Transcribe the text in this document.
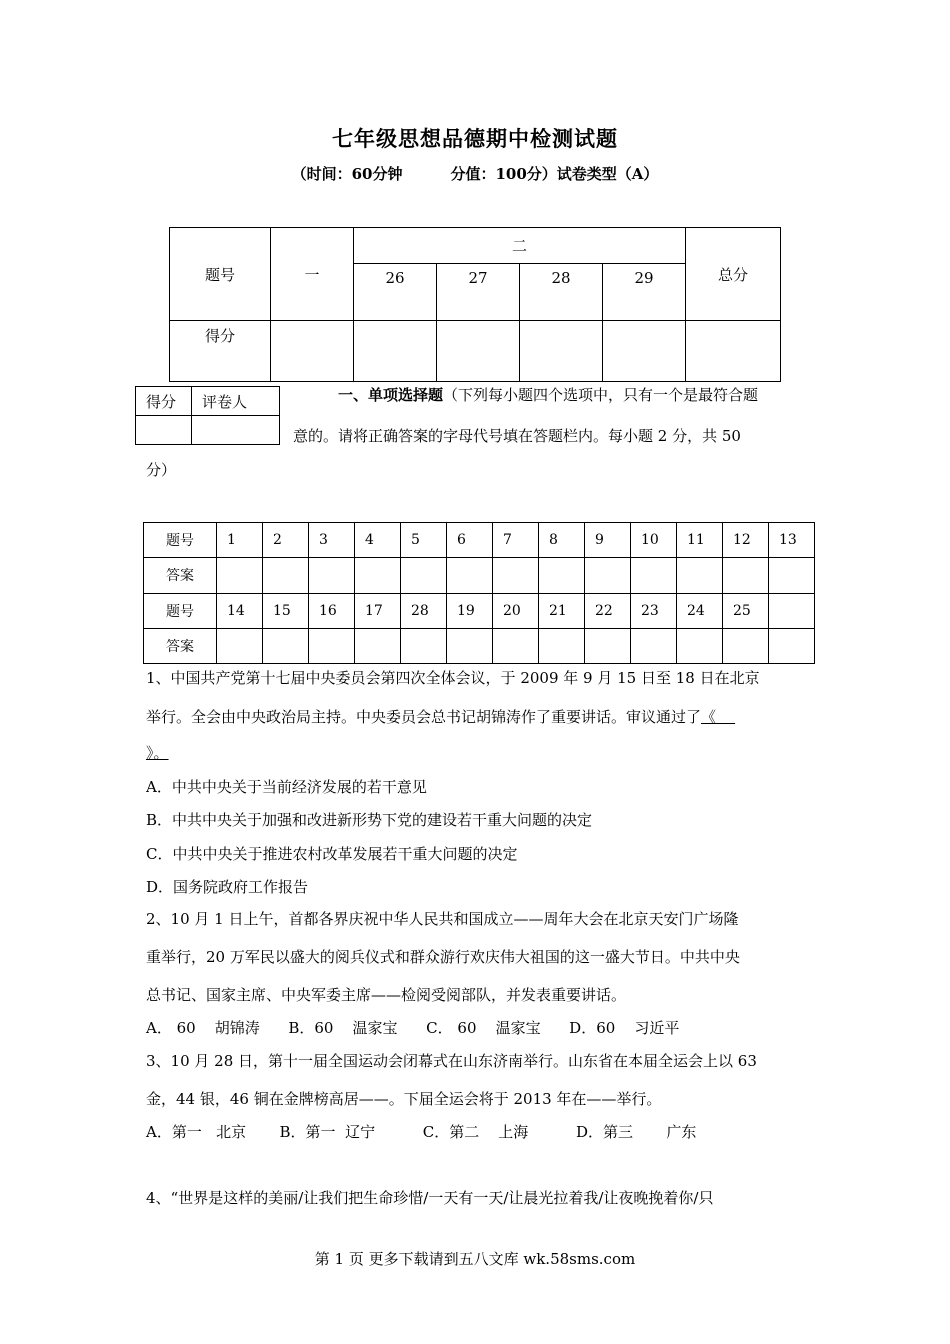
七年级思想品德期中检测试题
（时间：60分钟	分值：100分）试卷类型（A）
题号	一	二				总分
		26	27	28	29	
得分						
得分	评卷人
		一、单项选择题（下列每小题四个选项中，只有一个是最符合题
意的。请将正确答案的字母代号填在答题栏内。每小题 2 分，共 50
分）
题号	1	2	3	4	5	6	7	8	9	10	11	12	13
答案													
题号	14	15	16	17	28	19	20	21	22	23	24	25	
答案													
1、中国共产党第十七届中央委员会第四次全体会议，于 2009 年 9 月 15 日至 18 日在北京
举行。全会由中央政治局主持。中央委员会总书记胡锦涛作了重要讲话。审议通过了《
》。
A．中共中央关于当前经济发展的若干意见
B．中共中央关于加强和改进新形势下党的建设若干重大问题的决定
C．中共中央关于推进农村改革发展若干重大问题的决定
D．国务院政府工作报告
2、10 月 1 日上午，首都各界庆祝中华人民共和国成立——周年大会在北京天安门广场隆
重举行，20 万军民以盛大的阅兵仪式和群众游行欢庆伟大祖国的这一盛大节日。中共中央
总书记、国家主席、中央军委主席——检阅受阅部队，并发表重要讲话。
A． 60    胡锦涛      B．60    温家宝      C． 60    温家宝      D．60    习近平
3、10 月 28 日，第十一届全国运动会闭幕式在山东济南举行。山东省在本届全运会上以 63
金，44 银，46 铜在金牌榜高居——。下届全运会将于 2013 年在——举行。
A．第一   北京       B．第一  辽宁          C．第二    上海          D．第三       广东
4、“世界是这样的美丽/让我们把生命珍惜/一天有一天/让晨光拉着我/让夜晚挽着你/只
第 1 页 更多下载请到五八文库 wk.58sms.com
